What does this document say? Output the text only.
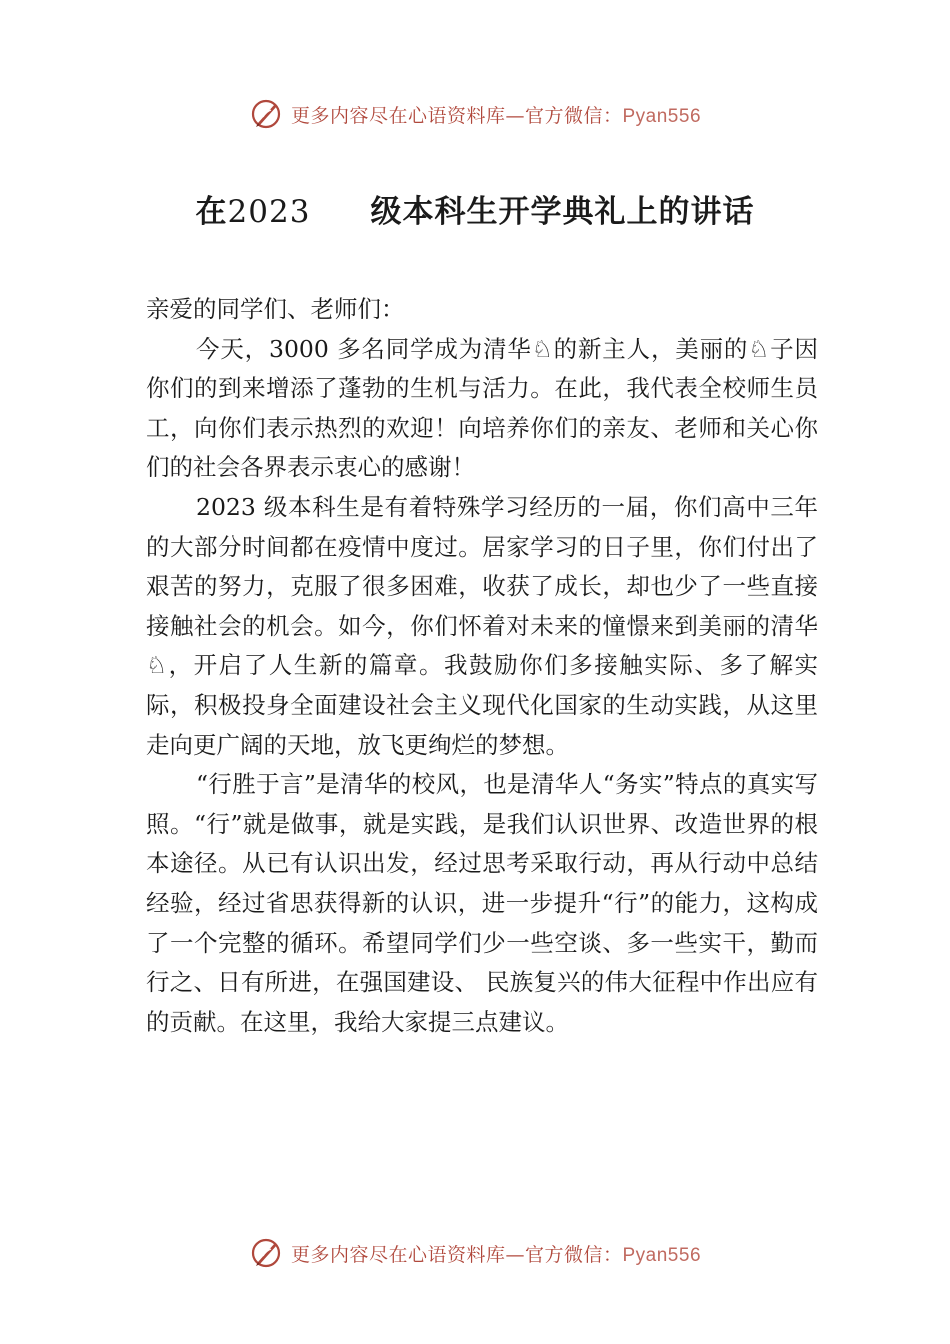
更多内容尽在心语资料库—官方微信：Pyan556
在2023 级本科生开学典礼上的讲话

亲爱的同学们、老师们：

今天，3000 多名同学成为清华♘的新主人，美丽的♘子因你们的到来增添了蓬勃的生机与活力。在此，我代表全校师生员工，向你们表示热烈的欢迎！向培养你们的亲友、老师和关心你们的社会各界表示衷心的感谢！

2023 级本科生是有着特殊学习经历的一届，你们高中三年的大部分时间都在疫情中度过。居家学习的日子里，你们付出了艰苦的努力，克服了很多困难，收获了成长，却也少了一些直接接触社会的机会。如今，你们怀着对未来的憧憬来到美丽的清华♘，开启了人生新的篇章。我鼓励你们多接触实际、多了解实际，积极投身全面建设社会主义现代化国家的生动实践，从这里走向更广阔的天地，放飞更绚烂的梦想。

“行胜于言”是清华的校风，也是清华人“务实”特点的真实写照。“行”就是做事，就是实践，是我们认识世界、改造世界的根本途径。从已有认识出发，经过思考采取行动，再从行动中总结经验，经过省思获得新的认识，进一步提升“行”的能力，这构成了一个完整的循环。希望同学们少一些空谈、多一些实干，勤而行之、日有所进，在强国建设、 民族复兴的伟大征程中作出应有的贡献。在这里，我给大家提三点建议。

更多内容尽在心语资料库—官方微信：Pyan556
